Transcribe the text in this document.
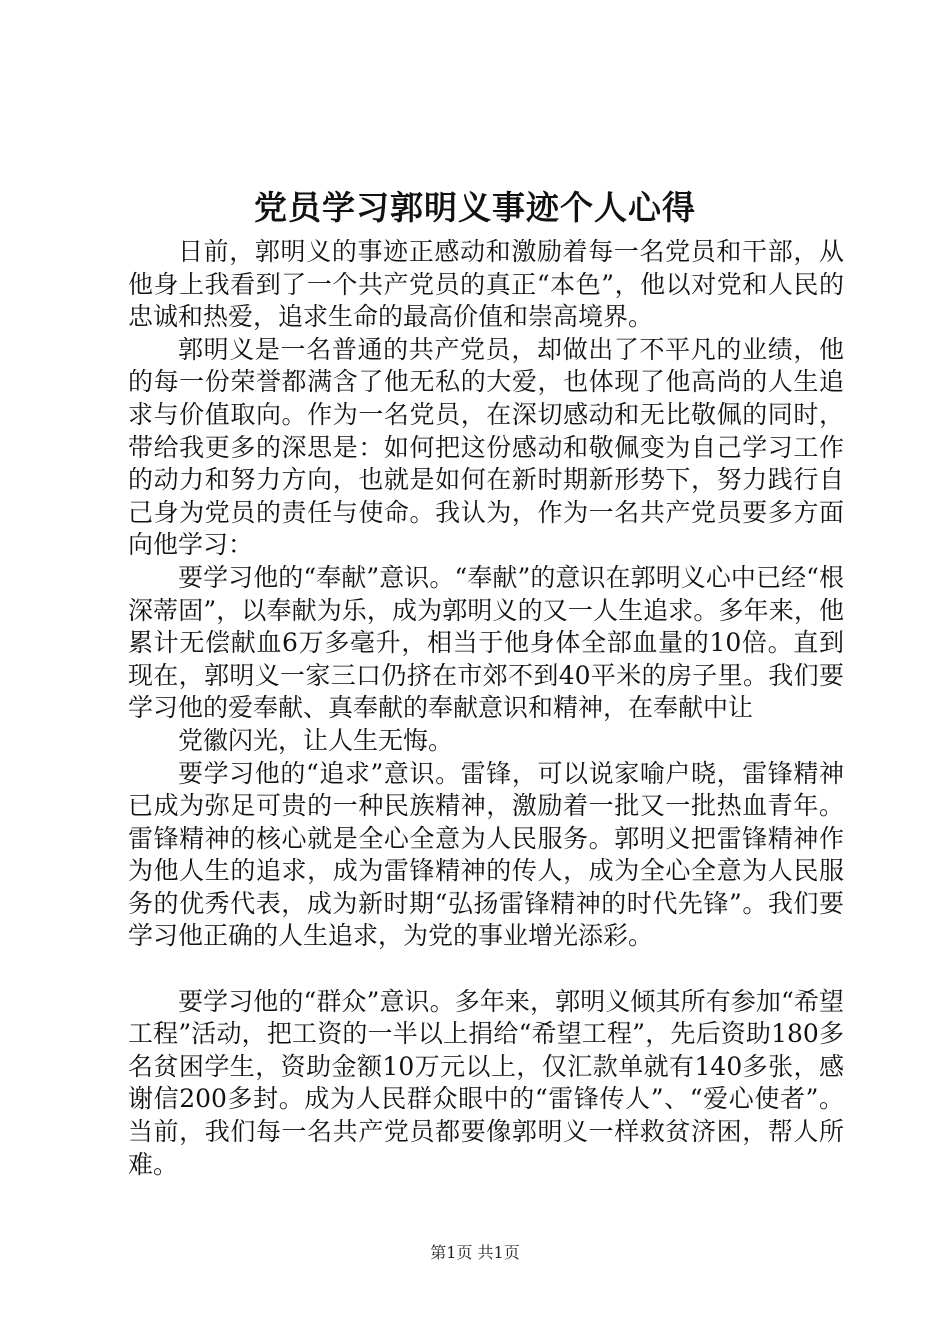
党员学习郭明义事迹个人心得

日前，郭明义的事迹正感动和激励着每一名党员和干部，从他身上我看到了一个共产党员的真正“本色”，他以对党和人民的忠诚和热爱，追求生命的最高价值和崇高境界。

郭明义是一名普通的共产党员，却做出了不平凡的业绩，他的每一份荣誉都满含了他无私的大爱，也体现了他高尚的人生追求与价值取向。作为一名党员，在深切感动和无比敬佩的同时，带给我更多的深思是：如何把这份感动和敬佩变为自己学习工作的动力和努力方向，也就是如何在新时期新形势下，努力践行自己身为党员的责任与使命。我认为，作为一名共产党员要多方面向他学习：

要学习他的“奉献”意识。“奉献”的意识在郭明义心中已经“根深蒂固”，以奉献为乐，成为郭明义的又一人生追求。多年来，他累计无偿献血6万多毫升，相当于他身体全部血量的10倍。直到现在，郭明义一家三口仍挤在市郊不到40平米的房子里。我们要学习他的爱奉献、真奉献的奉献意识和精神，在奉献中让

党徽闪光，让人生无悔。

要学习他的“追求”意识。雷锋，可以说家喻户晓，雷锋精神已成为弥足可贵的一种民族精神，激励着一批又一批热血青年。雷锋精神的核心就是全心全意为人民服务。郭明义把雷锋精神作为他人生的追求，成为雷锋精神的传人，成为全心全意为人民服务的优秀代表，成为新时期“弘扬雷锋精神的时代先锋”。我们要学习他正确的人生追求，为党的事业增光添彩。

要学习他的“群众”意识。多年来，郭明义倾其所有参加“希望工程”活动，把工资的一半以上捐给“希望工程”，先后资助180多名贫困学生，资助金额10万元以上，仅汇款单就有140多张，感谢信200多封。成为人民群众眼中的“雷锋传人”、“爱心使者”。当前，我们每一名共产党员都要像郭明义一样救贫济困，帮人所难。

第1页 共1页
